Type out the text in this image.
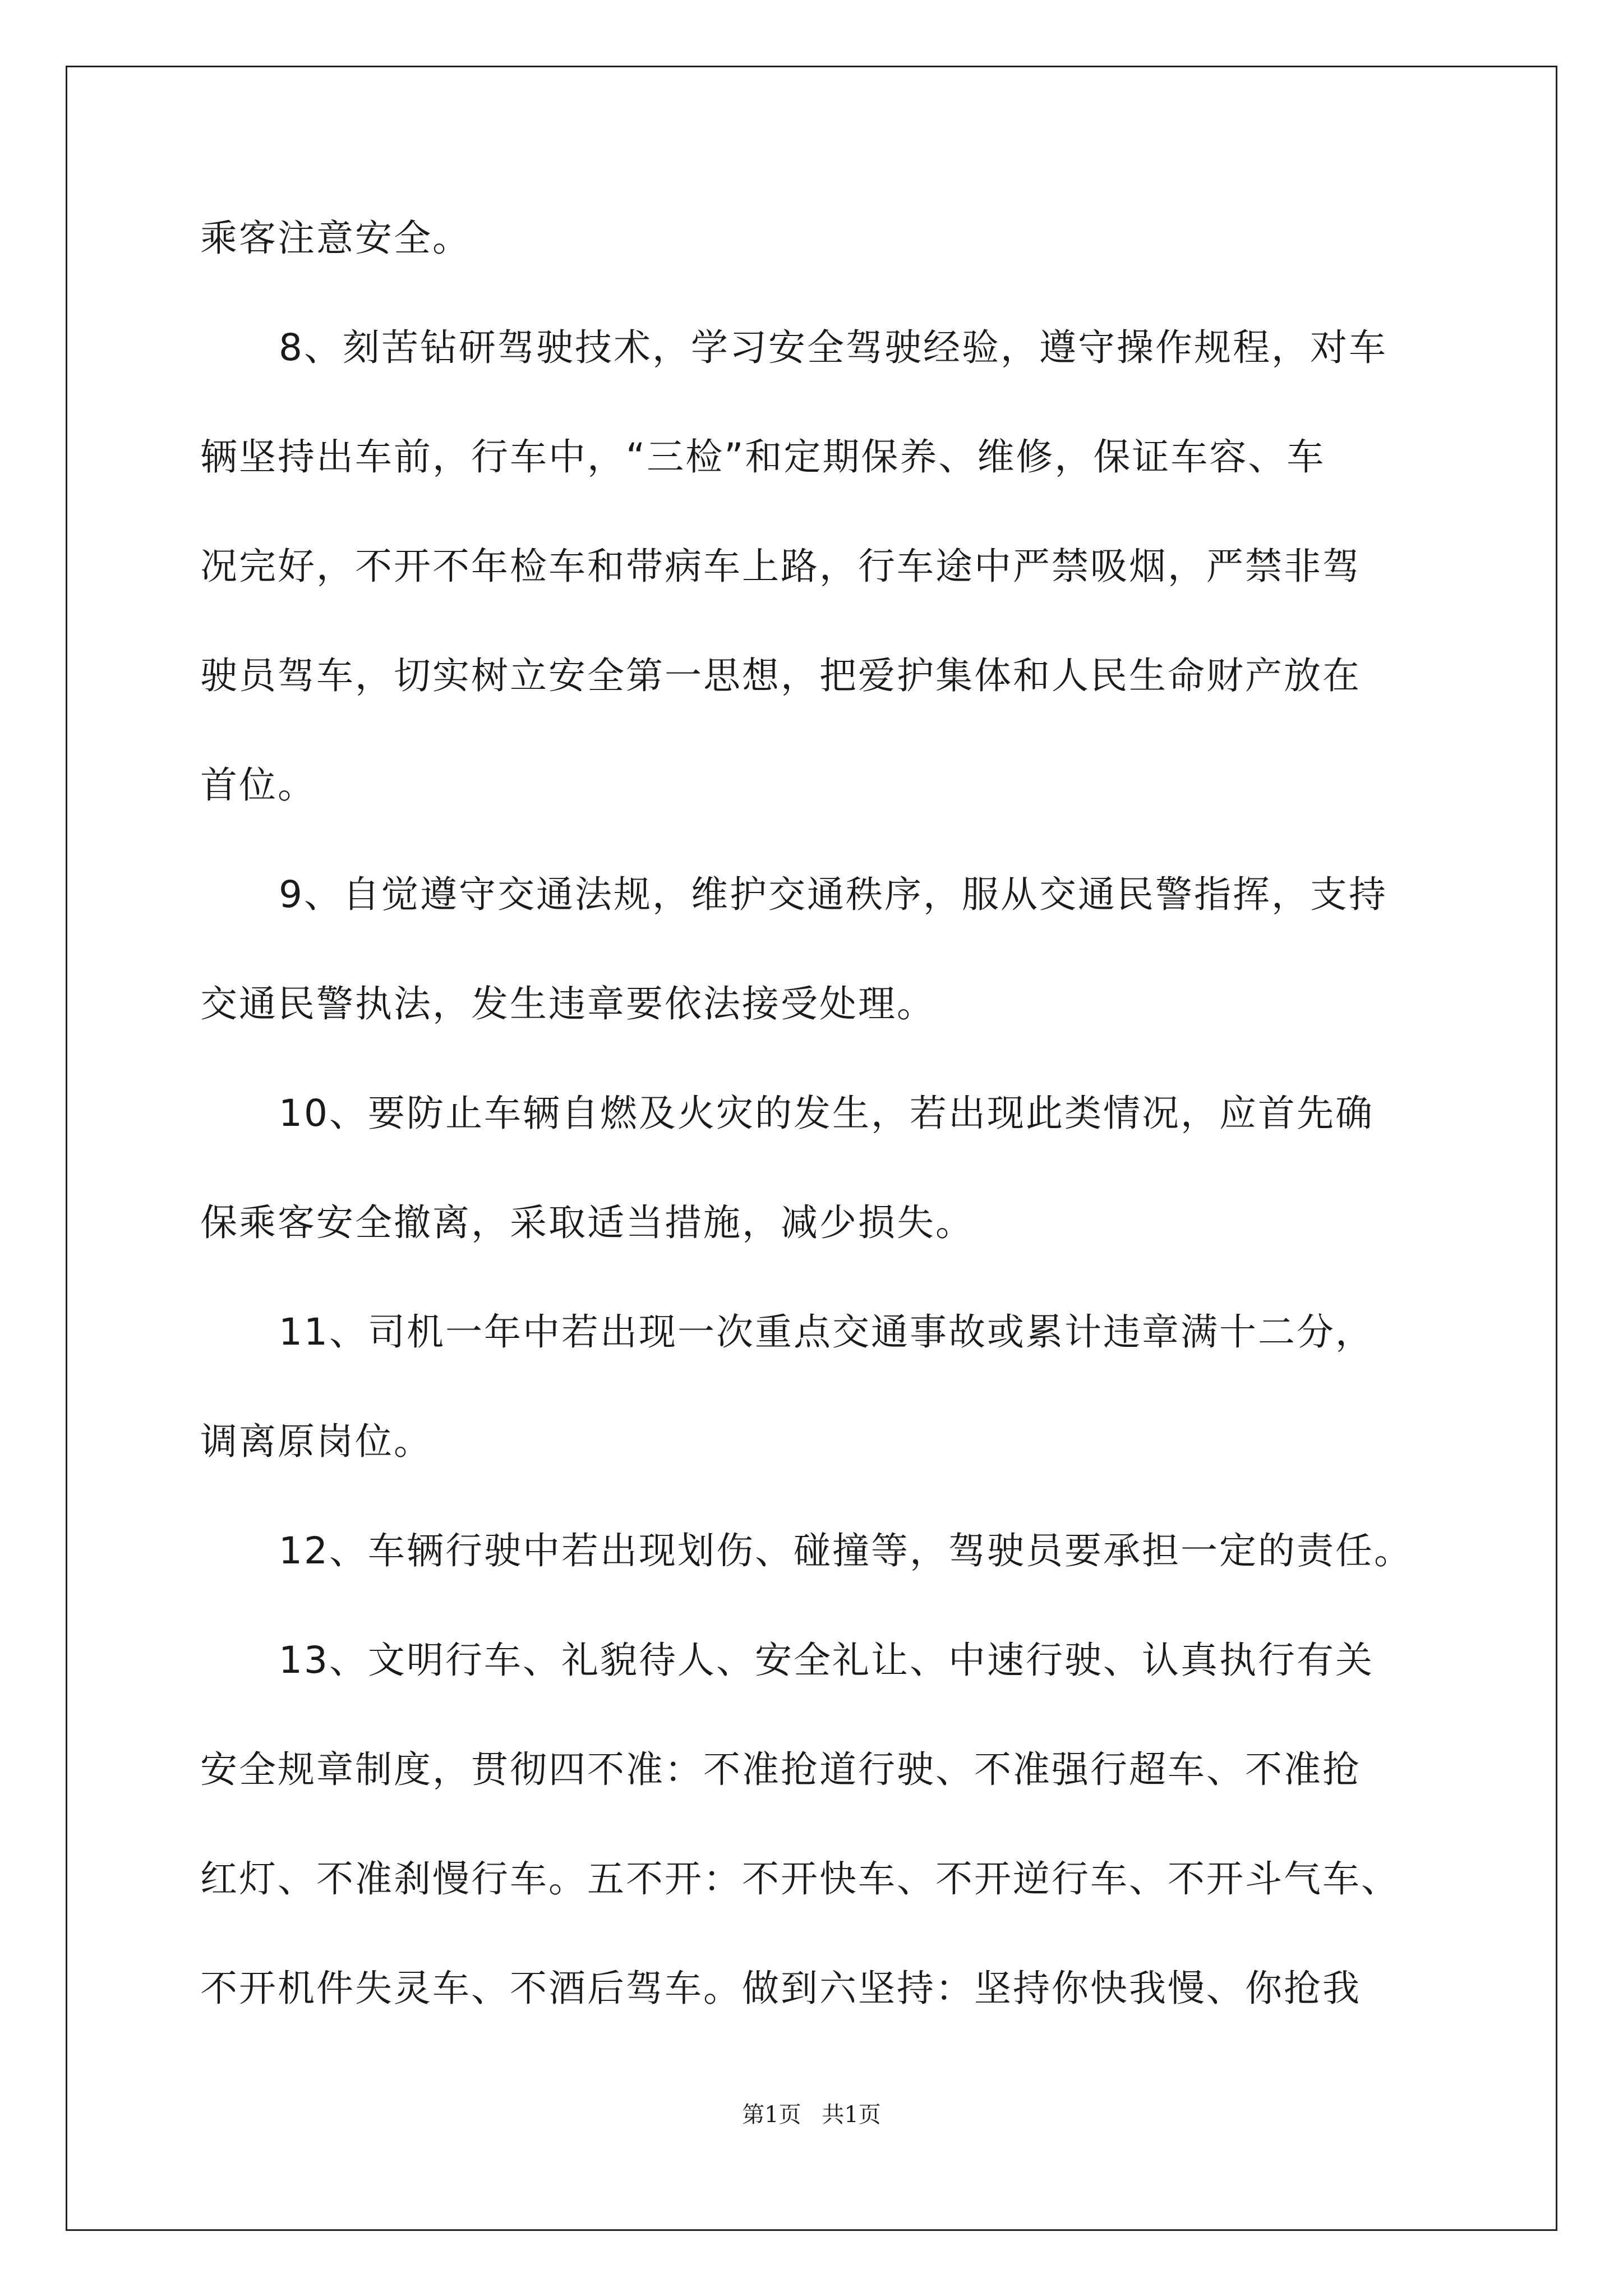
乘客注意安全。

8、刻苦钻研驾驶技术，学习安全驾驶经验，遵守操作规程，对车

辆坚持出车前，行车中，“三检”和定期保养、维修，保证车容、车

况完好，不开不年检车和带病车上路，行车途中严禁吸烟，严禁非驾

驶员驾车，切实树立安全第一思想，把爱护集体和人民生命财产放在

首位。

9、自觉遵守交通法规，维护交通秩序，服从交通民警指挥，支持

交通民警执法，发生违章要依法接受处理。

10、要防止车辆自燃及火灾的发生，若出现此类情况，应首先确

保乘客安全撤离，采取适当措施，减少损失。

11、司机一年中若出现一次重点交通事故或累计违章满十二分，

调离原岗位。

12、车辆行驶中若出现划伤、碰撞等，驾驶员要承担一定的责任。

13、文明行车、礼貌待人、安全礼让、中速行驶、认真执行有关

安全规章制度，贯彻四不准：不准抢道行驶、不准强行超车、不准抢

红灯、不准刹慢行车。五不开：不开快车、不开逆行车、不开斗气车、

不开机件失灵车、不酒后驾车。做到六坚持：坚持你快我慢、你抢我

第1页 共1页
